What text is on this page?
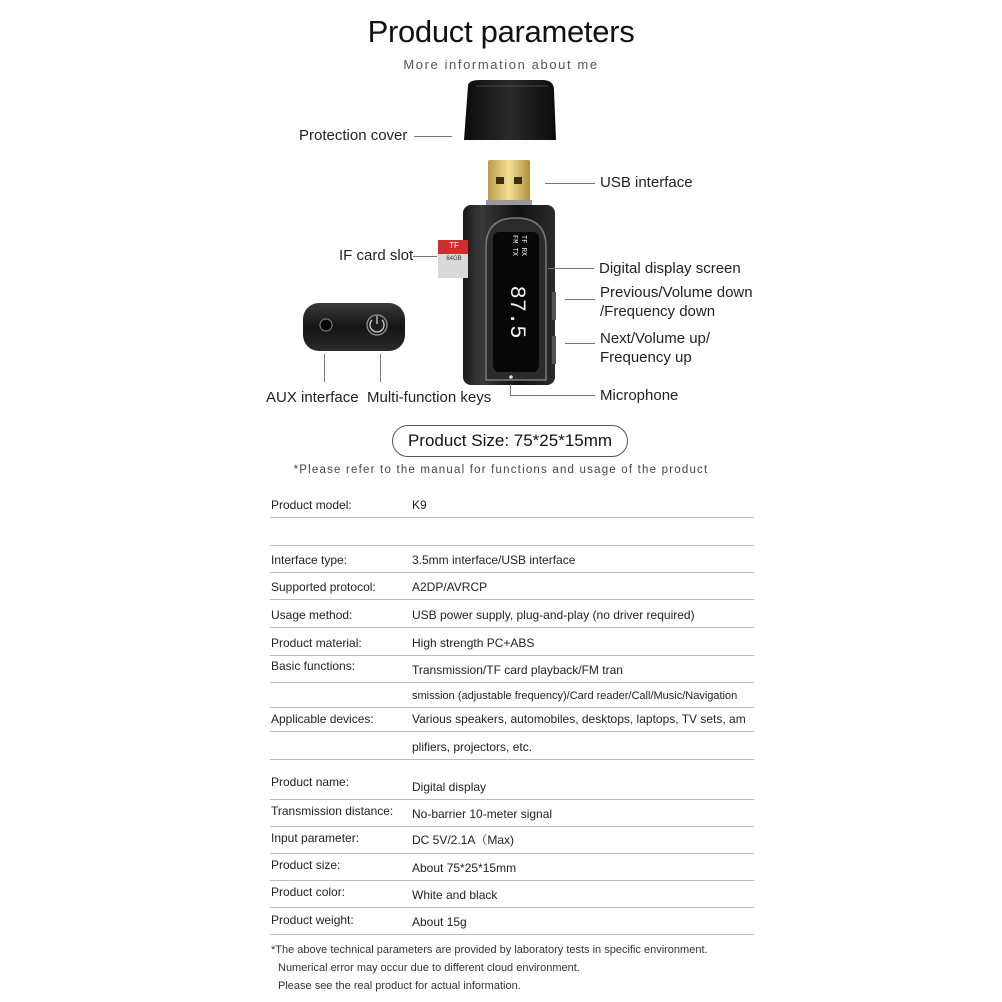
Product parameters
More information about me
TF RX
FM TX
87.5
TF
64GB
Protection cover
USB interface
IF card slot
Digital display screen
Previous/Volume down
/Frequency down
Next/Volume up/
Frequency up
Microphone
AUX interface Multi-function keys
Product Size: 75*25*15mm
*Please refer to the manual for functions and usage of the product
Product model:	K9
Interface type:	3.5mm interface/USB interface
Supported protocol:	A2DP/AVRCP
Usage method:	USB power supply, plug-and-play (no driver required)
Product material:	High strength PC+ABS
Basic functions:	Transmission/TF card playback/FM tran
smission (adjustable frequency)/Card reader/Call/Music/Navigation
Applicable devices:	Various speakers, automobiles, desktops, laptops, TV sets, am
plifiers, projectors, etc.
Product name:	Digital display
Transmission distance: No-barrier 10-meter signal
Input parameter:	DC 5V/2.1A（Max)
Product size:	About 75*25*15mm
Product color:	White and black
Product weight:	About 15g
*The above technical parameters are provided by laboratory tests in specific environment.
Numerical error may occur due to different cloud environment.
Please see the real product for actual information.
